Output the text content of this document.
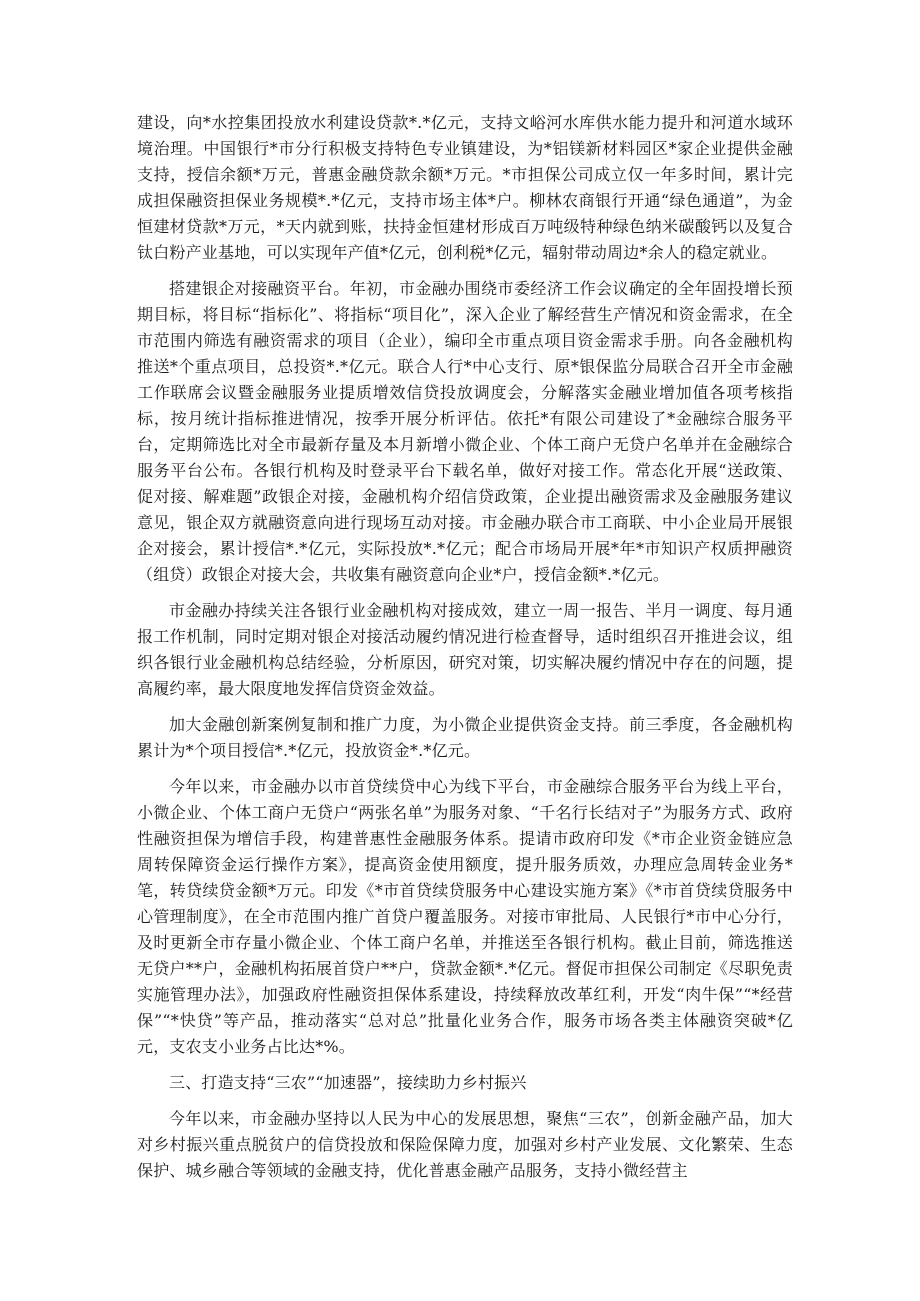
建设，向*水控集团投放水利建设贷款*.*亿元，支持文峪河水库供水能力提升和河道水域环境治理。中国银行*市分行积极支持特色专业镇建设，为*铝镁新材料园区*家企业提供金融支持，授信余额*万元，普惠金融贷款余额*万元。*市担保公司成立仅一年多时间，累计完成担保融资担保业务规模*.*亿元，支持市场主体*户。柳林农商银行开通“绿色通道”，为金恒建材贷款*万元，*天内就到账，扶持金恒建材形成百万吨级特种绿色纳米碳酸钙以及复合钛白粉产业基地，可以实现年产值*亿元，创利税*亿元，辐射带动周边*余人的稳定就业。

搭建银企对接融资平台。年初，市金融办围绕市委经济工作会议确定的全年固投增长预期目标，将目标“指标化”、将指标“项目化”，深入企业了解经营生产情况和资金需求，在全市范围内筛选有融资需求的项目（企业），编印全市重点项目资金需求手册。向各金融机构推送*个重点项目，总投资*.*亿元。联合人行*中心支行、原*银保监分局联合召开全市金融工作联席会议暨金融服务业提质增效信贷投放调度会，分解落实金融业增加值各项考核指标，按月统计指标推进情况，按季开展分析评估。依托*有限公司建设了*金融综合服务平台，定期筛选比对全市最新存量及本月新增小微企业、个体工商户无贷户名单并在金融综合服务平台公布。各银行机构及时登录平台下载名单，做好对接工作。常态化开展“送政策、促对接、解难题”政银企对接，金融机构介绍信贷政策，企业提出融资需求及金融服务建议意见，银企双方就融资意向进行现场互动对接。市金融办联合市工商联、中小企业局开展银企对接会，累计授信*.*亿元，实际投放*.*亿元；配合市场局开展*年*市知识产权质押融资（组贷）政银企对接大会，共收集有融资意向企业*户，授信金额*.*亿元。

市金融办持续关注各银行业金融机构对接成效，建立一周一报告、半月一调度、每月通报工作机制，同时定期对银企对接活动履约情况进行检查督导，适时组织召开推进会议，组织各银行业金融机构总结经验，分析原因，研究对策，切实解决履约情况中存在的问题，提高履约率，最大限度地发挥信贷资金效益。

加大金融创新案例复制和推广力度，为小微企业提供资金支持。前三季度，各金融机构累计为*个项目授信*.*亿元，投放资金*.*亿元。

今年以来，市金融办以市首贷续贷中心为线下平台，市金融综合服务平台为线上平台，小微企业、个体工商户无贷户“两张名单”为服务对象、“千名行长结对子”为服务方式、政府性融资担保为增信手段，构建普惠性金融服务体系。提请市政府印发《*市企业资金链应急周转保障资金运行操作方案》，提高资金使用额度，提升服务质效，办理应急周转金业务*笔，转贷续贷金额*万元。印发《*市首贷续贷服务中心建设实施方案》《*市首贷续贷服务中心管理制度》，在全市范围内推广首贷户覆盖服务。对接市审批局、人民银行*市中心分行，及时更新全市存量小微企业、个体工商户名单，并推送至各银行机构。截止目前，筛选推送无贷户**户，金融机构拓展首贷户**户，贷款金额*.*亿元。督促市担保公司制定《尽职免责实施管理办法》，加强政府性融资担保体系建设，持续释放改革红利，开发“肉牛保”“*经营保”“*快贷”等产品，推动落实“总对总”批量化业务合作，服务市场各类主体融资突破*亿元，支农支小业务占比达*%。

三、打造支持“三农”“加速器”，接续助力乡村振兴

今年以来，市金融办坚持以人民为中心的发展思想，聚焦“三农”，创新金融产品，加大对乡村振兴重点脱贫户的信贷投放和保险保障力度，加强对乡村产业发展、文化繁荣、生态保护、城乡融合等领域的金融支持，优化普惠金融产品服务，支持小微经营主
